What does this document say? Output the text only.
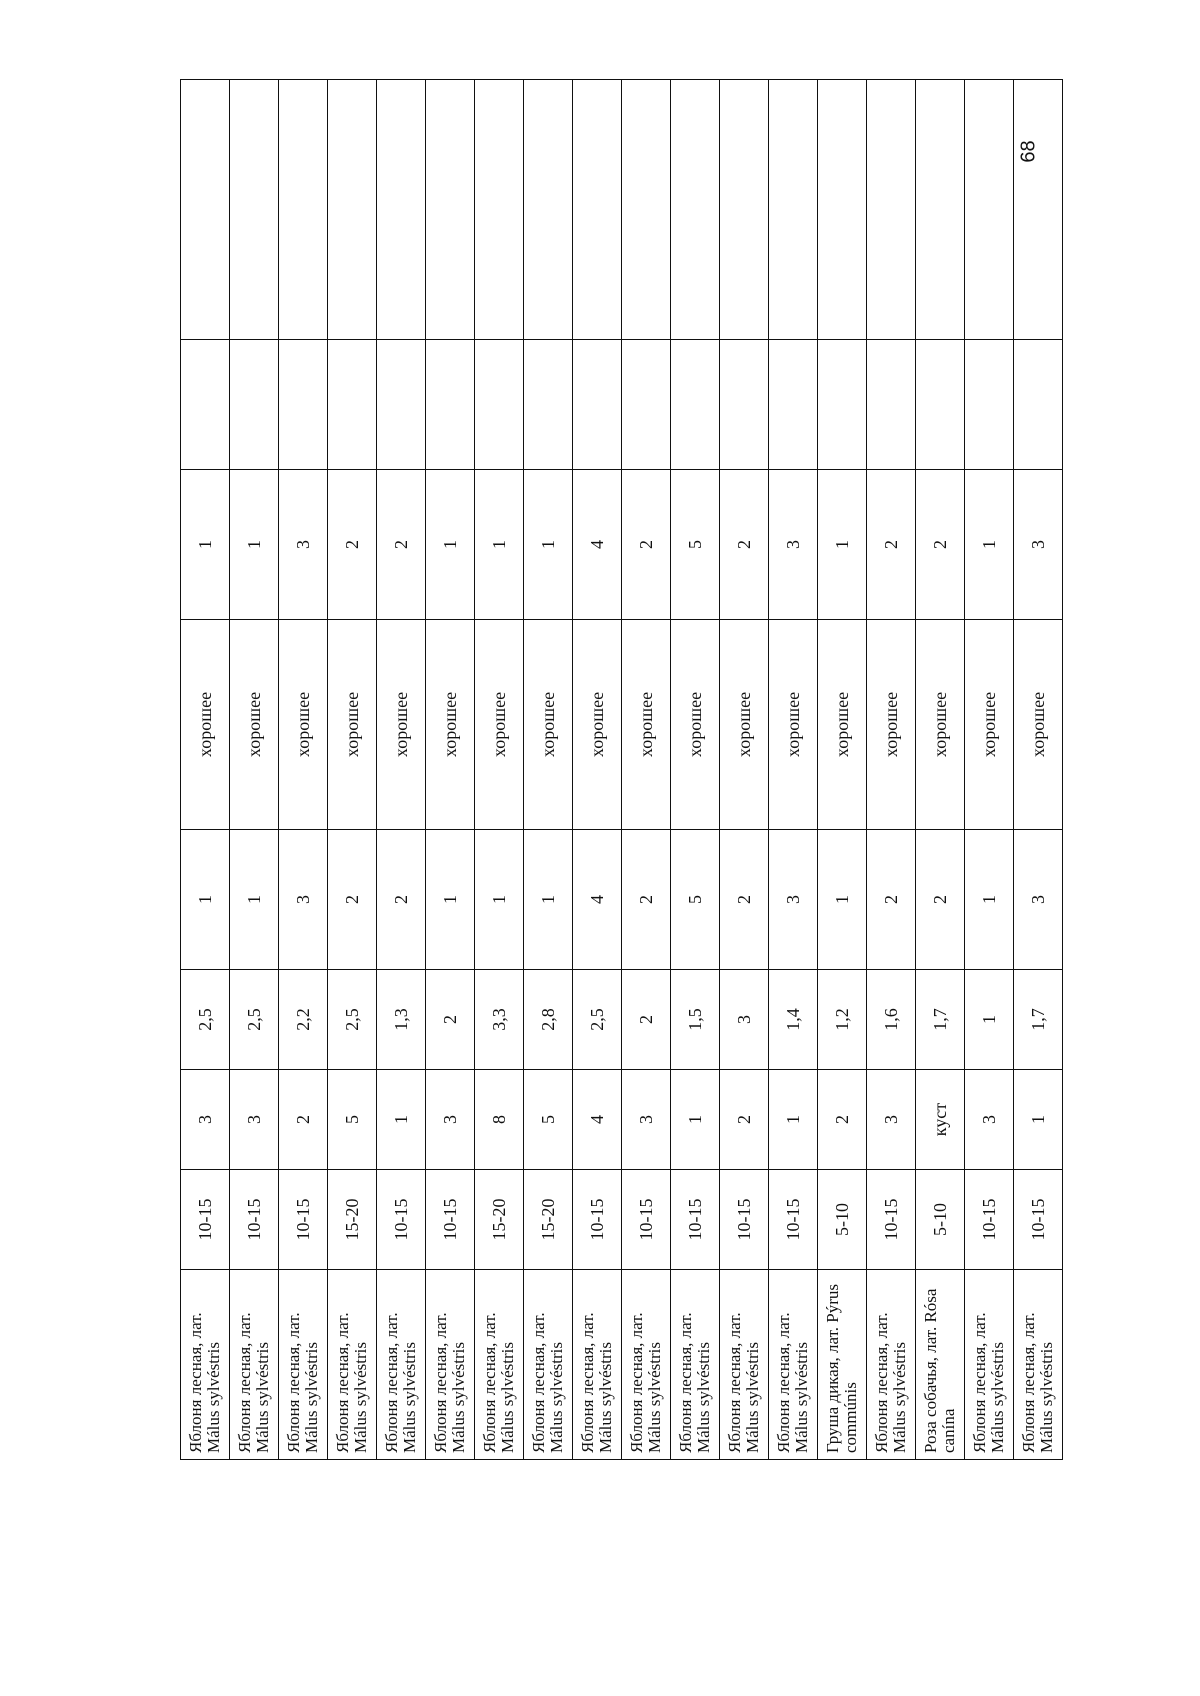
Яблоня лесная, лат. Málus sylvéstris	10-15	3	2,5	1	хорошее	1		
Яблоня лесная, лат. Málus sylvéstris	10-15	3	2,5	1	хорошее	1		
Яблоня лесная, лат. Málus sylvéstris	10-15	2	2,2	3	хорошее	3		
Яблоня лесная, лат. Málus sylvéstris	15-20	5	2,5	2	хорошее	2		
Яблоня лесная, лат. Málus sylvéstris	10-15	1	1,3	2	хорошее	2		
Яблоня лесная, лат. Málus sylvéstris	10-15	3	2	1	хорошее	1		
Яблоня лесная, лат. Málus sylvéstris	15-20	8	3,3	1	хорошее	1		
Яблоня лесная, лат. Málus sylvéstris	15-20	5	2,8	1	хорошее	1		
Яблоня лесная, лат. Málus sylvéstris	10-15	4	2,5	4	хорошее	4		
Яблоня лесная, лат. Málus sylvéstris	10-15	3	2	2	хорошее	2		
Яблоня лесная, лат. Málus sylvéstris	10-15	1	1,5	5	хорошее	5		
Яблоня лесная, лат. Málus sylvéstris	10-15	2	3	2	хорошее	2		
Яблоня лесная, лат. Málus sylvéstris	10-15	1	1,4	3	хорошее	3		
Груша дикая, лат. Pýrus commúnis	5-10	2	1,2	1	хорошее	1		
Яблоня лесная, лат. Málus sylvéstris	10-15	3	1,6	2	хорошее	2		
Роза собачья, лат. Rósa canína	5-10	куст	1,7	2	хорошее	2		
Яблоня лесная, лат. Málus sylvéstris	10-15	3	1	1	хорошее	1		
Яблоня лесная, лат. Málus sylvéstris	10-15	1	1,7	3	хорошее	3		
68
